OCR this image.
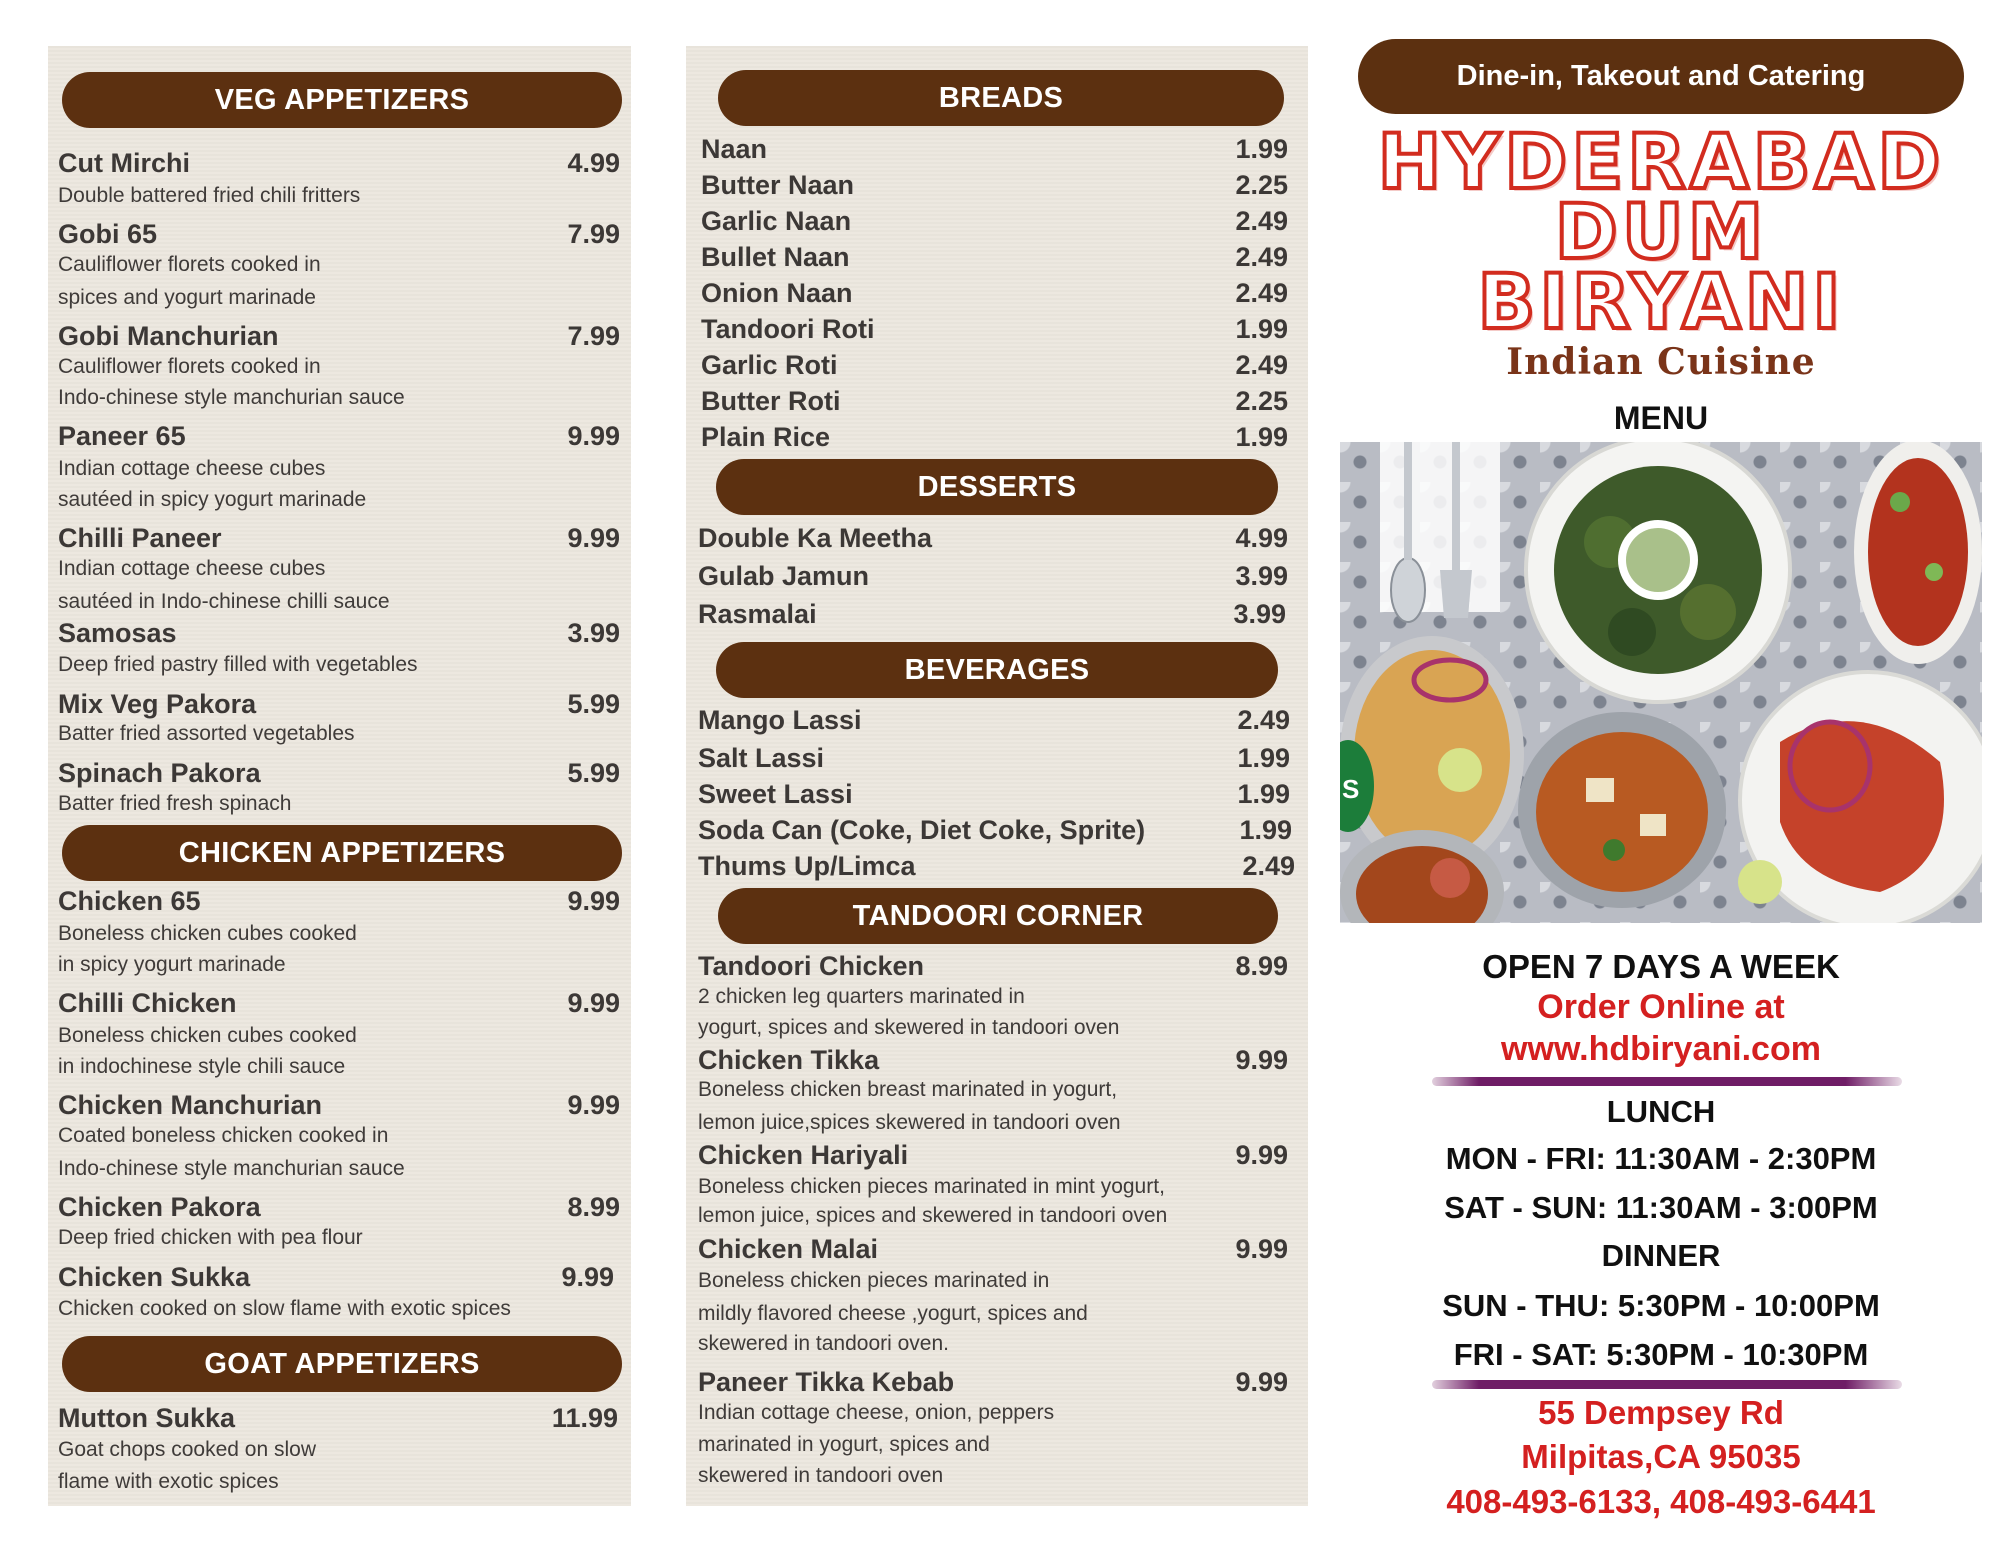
VEG APPETIZERS
Cut Mirchi	4.99
Double battered fried chili fritters
Gobi 65	7.99
Cauliflower florets cooked in
spices and yogurt marinade
Gobi Manchurian	7.99
Cauliflower florets cooked in
Indo-chinese style manchurian sauce
Paneer 65	9.99
Indian cottage cheese cubes
sautéed in spicy yogurt marinade
Chilli Paneer	9.99
Indian cottage cheese cubes
sautéed in Indo-chinese chilli sauce
Samosas	3.99
Deep fried pastry filled with vegetables
Mix Veg Pakora	5.99
Batter fried assorted vegetables
Spinach Pakora	5.99
Batter fried fresh spinach
CHICKEN APPETIZERS
Chicken 65	9.99
Boneless chicken cubes cooked
in spicy yogurt marinade
Chilli Chicken	9.99
Boneless chicken cubes cooked
in indochinese style chili sauce
Chicken Manchurian	9.99
Coated boneless chicken cooked in
Indo-chinese style manchurian sauce
Chicken Pakora	8.99
Deep fried chicken with pea flour
Chicken Sukka	9.99
Chicken cooked on slow flame with exotic spices
GOAT APPETIZERS
Mutton Sukka	11.99
Goat chops cooked on slow
flame with exotic spices
BREADS
Naan	1.99
Butter Naan	2.25
Garlic Naan	2.49
Bullet Naan	2.49
Onion Naan	2.49
Tandoori Roti	1.99
Garlic Roti	2.49
Butter Roti	2.25
Plain Rice	1.99
DESSERTS
Double Ka Meetha	4.99
Gulab Jamun	3.99
Rasmalai	3.99
BEVERAGES
Mango Lassi	2.49
Salt Lassi	1.99
Sweet Lassi	1.99
Soda Can (Coke, Diet Coke, Sprite)	1.99
Thums Up/Limca	2.49
TANDOORI CORNER
Tandoori Chicken	8.99
2 chicken leg quarters marinated in
yogurt, spices and skewered in tandoori oven
Chicken Tikka	9.99
Boneless chicken breast marinated in yogurt,
lemon juice,spices skewered in tandoori oven
Chicken Hariyali	9.99
Boneless chicken pieces marinated in mint yogurt,
lemon juice, spices and skewered in tandoori oven
Chicken Malai	9.99
Boneless chicken pieces marinated in
mildly flavored cheese ,yogurt, spices and
skewered in tandoori oven.
Paneer Tikka Kebab	9.99
Indian cottage cheese, onion, peppers
marinated in yogurt, spices and
skewered in tandoori oven
Dine-in, Takeout and Catering
HYDERABAD
DUM
BIRYANI
Indian Cuisine
MENU
S
OPEN 7 DAYS A WEEK
Order Online at
www.hdbiryani.com
LUNCH
MON - FRI: 11:30AM - 2:30PM
SAT - SUN: 11:30AM - 3:00PM
DINNER
SUN - THU: 5:30PM - 10:00PM
FRI - SAT: 5:30PM - 10:30PM
55 Dempsey Rd
Milpitas,CA 95035
408-493-6133, 408-493-6441
